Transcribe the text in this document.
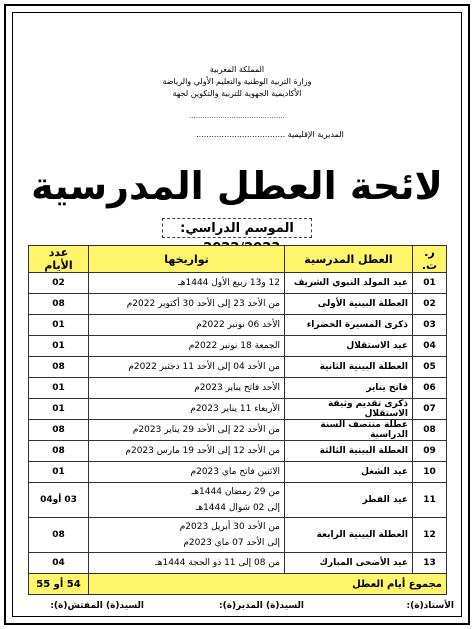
المملكة المغربية
وزارة التربية الوطنية والتعليم الأولي والرياضة
الأكاديمية الجهوية للتربية والتكوين لجهة
...........................................
المديرية الإقليمية ...................................
لائحة العطل المدرسية
الموسم الدراسي:
ر. ت.	العطل المدرسية	تواريخها	عدد الأيام
01	عيد المولد النبوي الشريف	12 و13 ربيع الأول 1444هـ	02
02	العطلة البينية الأولى	من الأحد 23 إلى الأحد 30 أكتوبر 2022م	08
03	ذكرى المسيرة الخضراء	الأحد 06 نونبر 2022م	01
04	عيد الاستقلال	الجمعة 18 نونبر 2022م	01
05	العطلة البينية الثانية	من الأحد 04 إلى الأحد 11 دجنبر 2022م	08
06	فاتح يناير	الأحد فاتح يناير 2023م	01
07	ذكرى تقديم وثيقة الاستقلال	الأربعاء 11 يناير 2023م	01
08	عطلة منتصف السنة الدراسية	من الأحد 22 إلى الأحد 29 يناير 2023م	08
09	العطلة البينية الثالثة	من الأحد 12 إلى الأحد 19 مارس 2023م	08
10	عيد الشغل	الاثنين فاتح ماي 2023م	01
11	عيد الفطر	من 29 رمضان 1444هـ
إلى 02 شوال 1444هـ	03 أو04
12	العطلة البينية الرابعة	من الأحد 30 أبريل 2023م
إلى الأحد 07 ماي 2023م	08
13	عيد الأضحى المبارك	من 08 إلى 11 ذو الحجة 1444هـ	04
مجموع أيام العطل			54 أو 55
الأستاذ(ة):
السيد(ة) المدير(ة):
السيد(ة) المفتش(ة):
